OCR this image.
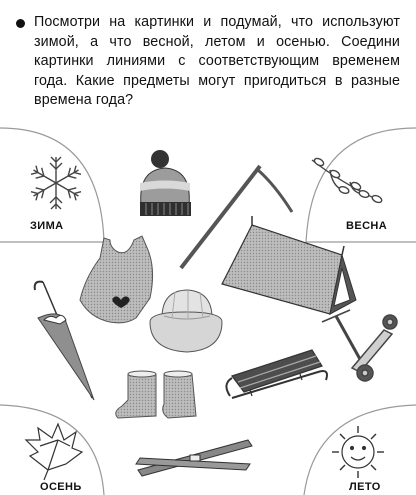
Посмотри на картинки и подумай, что используют зимой, а что весной, летом и осенью. Соедини картинки линиями с соответствующим временем года. Какие предметы могут пригодиться в разные времена года?
ЗИМА	ВЕСНА
ОСЕНЬ	ЛЕТО
